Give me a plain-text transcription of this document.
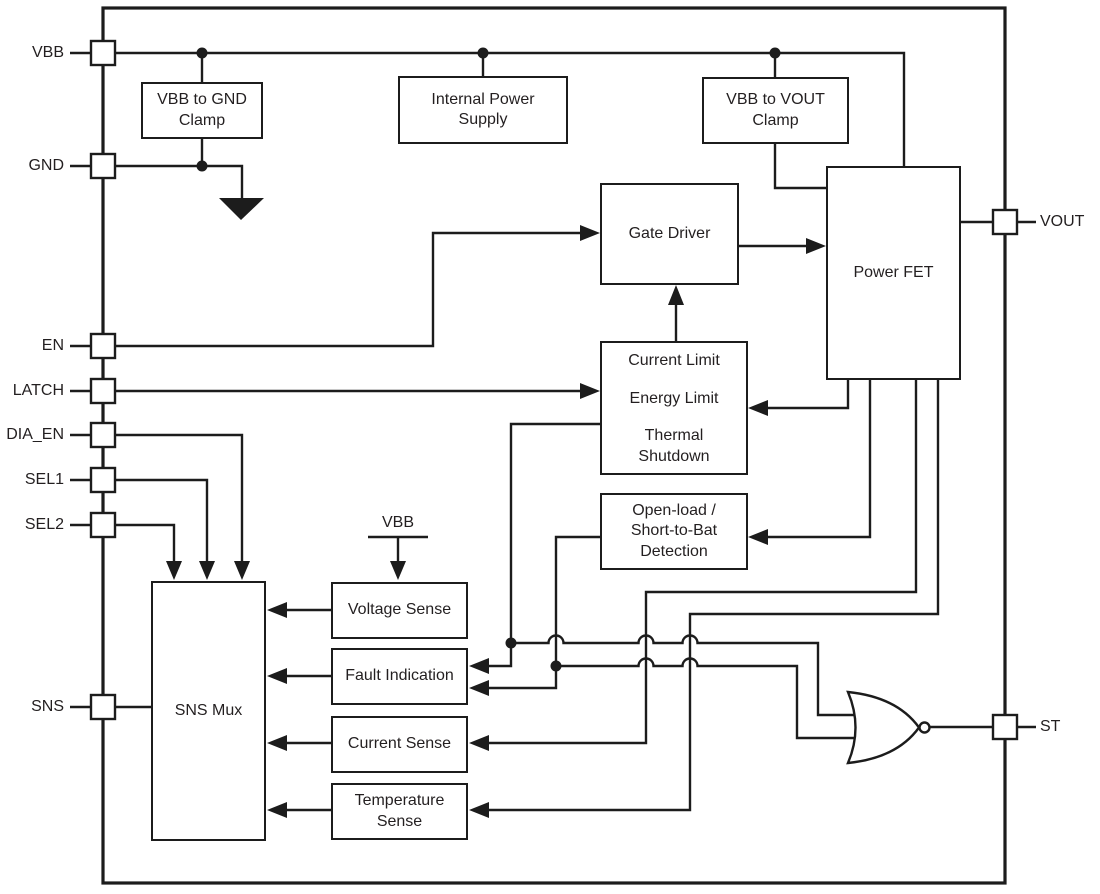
VBB to GND
Clamp
Internal Power
Supply
VBB to VOUT
Clamp
Gate Driver
Power FET
Current Limit
Energy Limit
Thermal Shutdown
Open-load /
Short-to-Bat
Detection
Voltage Sense
Fault Indication
Current Sense
Temperature
Sense
SNS Mux
VBB
GND
EN
LATCH
DIA_EN
SEL1
SEL2
SNS
VOUT
ST
VBB
